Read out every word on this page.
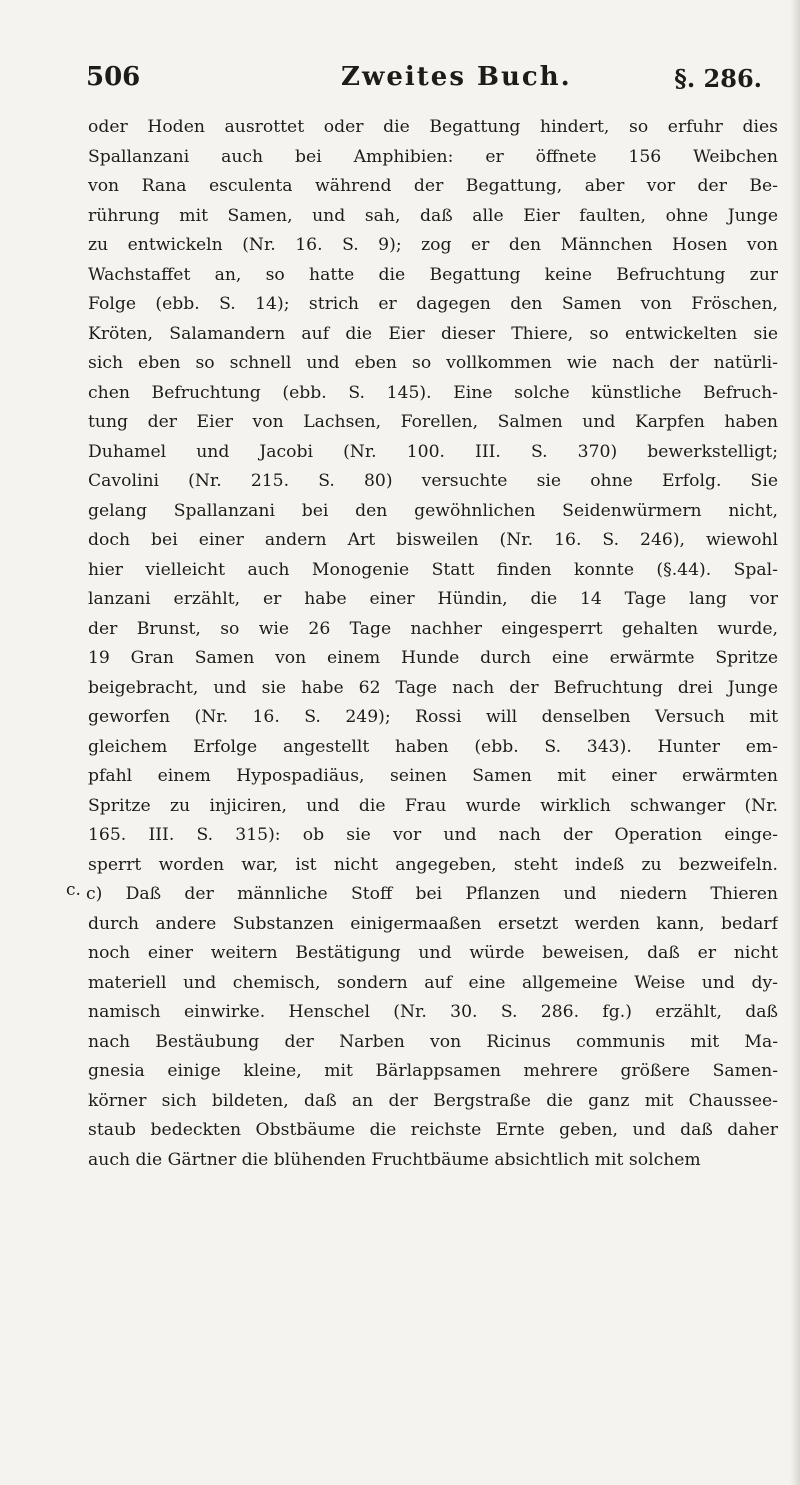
506	Zweites Buch.	§. 286.
c.
oder Hoden ausrottet oder die Begattung hindert, so erfuhr dies
Spallanzani auch bei Amphibien: er öffnete 156 Weibchen
von Rana esculenta während der Begattung, aber vor der Be-
rührung mit Samen, und sah, daß alle Eier faulten, ohne Junge
zu entwickeln (Nr. 16. S. 9); zog er den Männchen Hosen von
Wachstaffet an, so hatte die Begattung keine Befruchtung zur
Folge (ebb. S. 14); strich er dagegen den Samen von Fröschen,
Kröten, Salamandern auf die Eier dieser Thiere, so entwickelten sie
sich eben so schnell und eben so vollkommen wie nach der natürli-
chen Befruchtung (ebb. S. 145). Eine solche künstliche Befruch-
tung der Eier von Lachsen, Forellen, Salmen und Karpfen haben
Duhamel und Jacobi (Nr. 100. III. S. 370) bewerkstelligt;
Cavolini (Nr. 215. S. 80) versuchte sie ohne Erfolg. Sie
gelang Spallanzani bei den gewöhnlichen Seidenwürmern nicht,
doch bei einer andern Art bisweilen (Nr. 16. S. 246), wiewohl
hier vielleicht auch Monogenie Statt finden konnte (§.44). Spal-
lanzani erzählt, er habe einer Hündin, die 14 Tage lang vor
der Brunst, so wie 26 Tage nachher eingesperrt gehalten wurde,
19 Gran Samen von einem Hunde durch eine erwärmte Spritze
beigebracht, und sie habe 62 Tage nach der Befruchtung drei Junge
geworfen (Nr. 16. S. 249); Rossi will denselben Versuch mit
gleichem Erfolge angestellt haben (ebb. S. 343). Hunter em-
pfahl einem Hypospadiäus, seinen Samen mit einer erwärmten
Spritze zu injiciren, und die Frau wurde wirklich schwanger (Nr.
165. III. S. 315): ob sie vor und nach der Operation einge-
sperrt worden war, ist nicht angegeben, steht indeß zu bezweifeln.
c) Daß der männliche Stoff bei Pflanzen und niedern Thieren
durch andere Substanzen einigermaaßen ersetzt werden kann, bedarf
noch einer weitern Bestätigung und würde beweisen, daß er nicht
materiell und chemisch, sondern auf eine allgemeine Weise und dy-
namisch einwirke. Henschel (Nr. 30. S. 286. fg.) erzählt, daß
nach Bestäubung der Narben von Ricinus communis mit Ma-
gnesia einige kleine, mit Bärlappsamen mehrere größere Samen-
körner sich bildeten, daß an der Bergstraße die ganz mit Chaussee-
staub bedeckten Obstbäume die reichste Ernte geben, und daß daher
auch die Gärtner die blühenden Fruchtbäume absichtlich mit solchem
